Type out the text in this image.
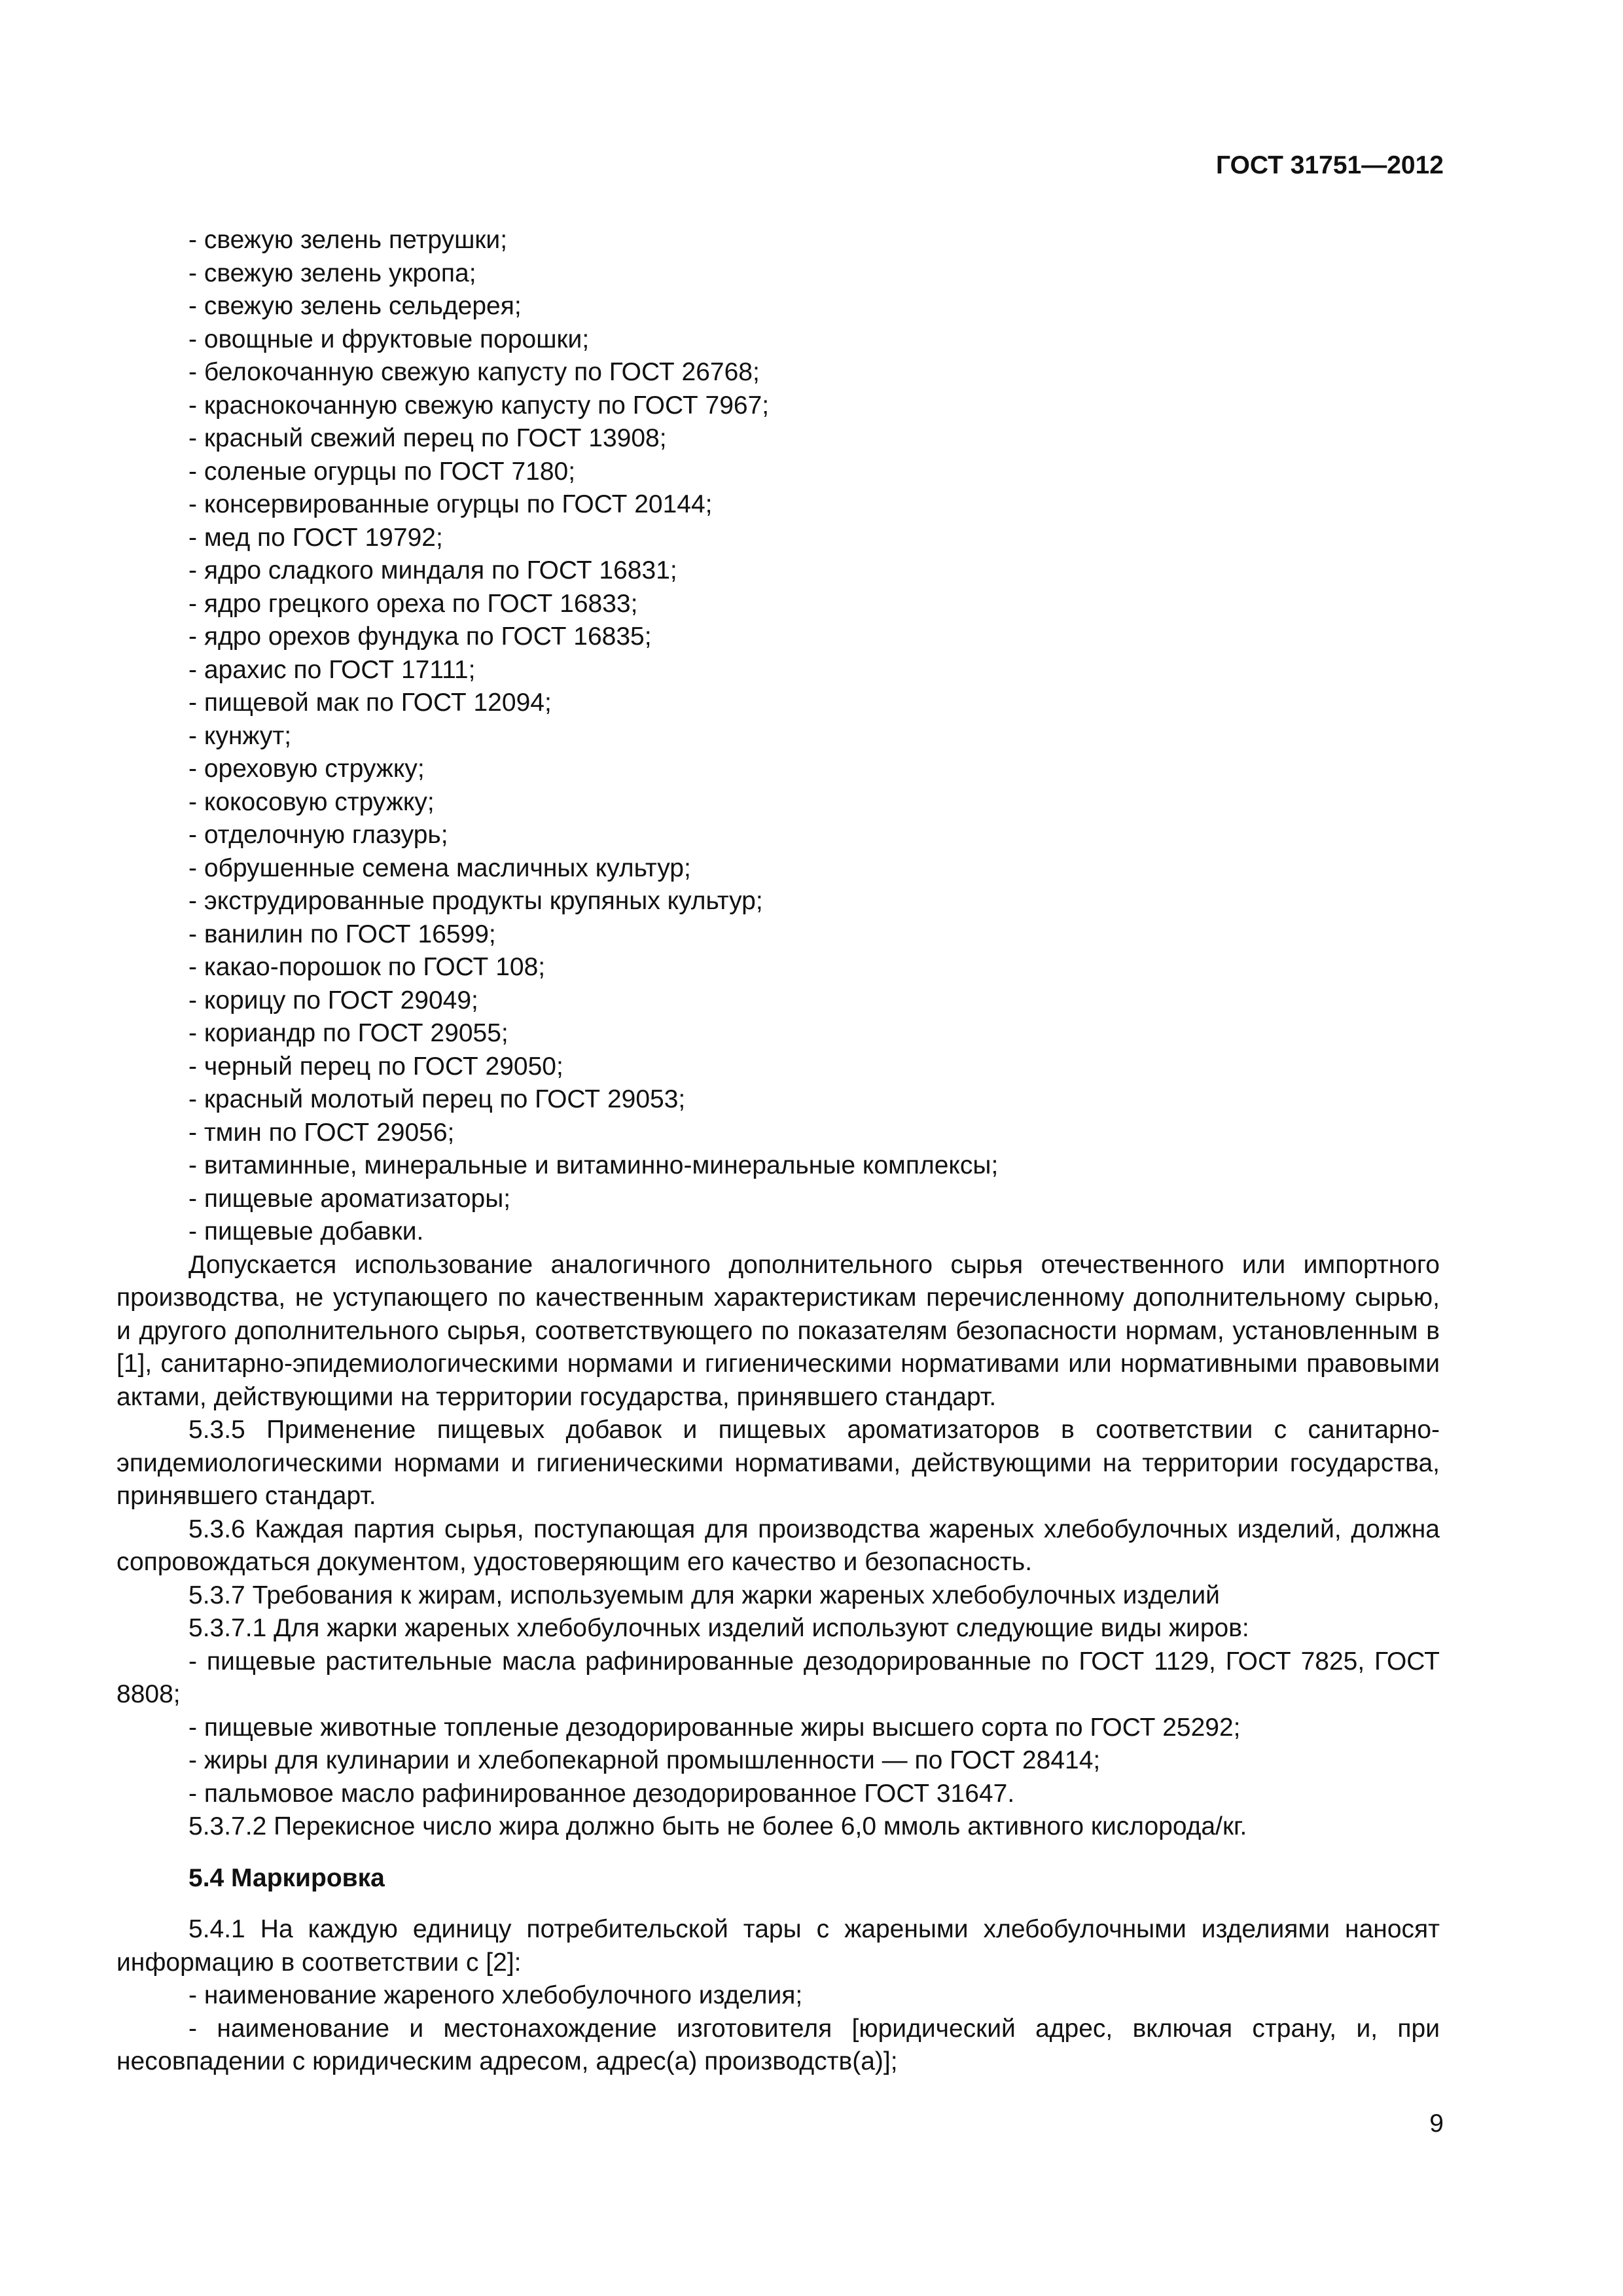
ГОСТ 31751—2012
- свежую зелень петрушки;
- свежую зелень укропа;
- свежую зелень сельдерея;
- овощные и фруктовые порошки;
- белокочанную свежую капусту по ГОСТ 26768;
- краснокочанную свежую капусту по ГОСТ 7967;
- красный свежий перец по ГОСТ 13908;
- соленые огурцы по ГОСТ 7180;
- консервированные огурцы по ГОСТ 20144;
- мед по ГОСТ 19792;
- ядро сладкого миндаля по ГОСТ 16831;
- ядро грецкого ореха по ГОСТ 16833;
- ядро орехов фундука по ГОСТ 16835;
- арахис по ГОСТ 17111;
- пищевой мак по ГОСТ 12094;
- кунжут;
- ореховую стружку;
- кокосовую стружку;
- отделочную глазурь;
- обрушенные семена масличных культур;
- экструдированные продукты крупяных культур;
- ванилин по ГОСТ 16599;
- какао-порошок по ГОСТ 108;
- корицу по ГОСТ 29049;
- кориандр по ГОСТ 29055;
- черный перец по ГОСТ 29050;
- красный молотый перец по ГОСТ 29053;
- тмин по ГОСТ 29056;
- витаминные, минеральные и витаминно-минеральные комплексы;
- пищевые ароматизаторы;
- пищевые добавки.

Допускается использование аналогичного дополнительного сырья отечественного или импортного производства, не уступающего по качественным характеристикам перечисленному дополнительному сырью, и другого дополнительного сырья, соответствующего по показателям безопасности нормам, установленным в [1], санитарно-эпидемиологическими нормами и гигиеническими нормативами или нормативными правовыми актами, действующими на территории государства, принявшего стандарт.

5.3.5 Применение пищевых добавок и пищевых ароматизаторов в соответствии с санитарно-эпидемиологическими нормами и гигиеническими нормативами, действующими на территории государства, принявшего стандарт.

5.3.6 Каждая партия сырья, поступающая для производства жареных хлебобулочных изделий, должна сопровождаться документом, удостоверяющим его качество и безопасность.

5.3.7 Требования к жирам, используемым для жарки жареных хлебобулочных изделий
5.3.7.1 Для жарки жареных хлебобулочных изделий используют следующие виды жиров:

- пищевые растительные масла рафинированные дезодорированные по ГОСТ 1129, ГОСТ 7825, ГОСТ 8808;

- пищевые животные топленые дезодорированные жиры высшего сорта по ГОСТ 25292;
- жиры для кулинарии и хлебопекарной промышленности — по ГОСТ 28414;
- пальмовое масло рафинированное дезодорированное ГОСТ 31647.
5.3.7.2 Перекисное число жира должно быть не более 6,0 ммоль активного кислорода/кг.
5.4 Маркировка

5.4.1 На каждую единицу потребительской тары с жареными хлебобулочными изделиями наносят информацию в соответствии с [2]:

- наименование жареного хлебобулочного изделия;

- наименование и местонахождение изготовителя [юридический адрес, включая страну, и, при несовпадении с юридическим адресом, адрес(а) производств(а)];

9
